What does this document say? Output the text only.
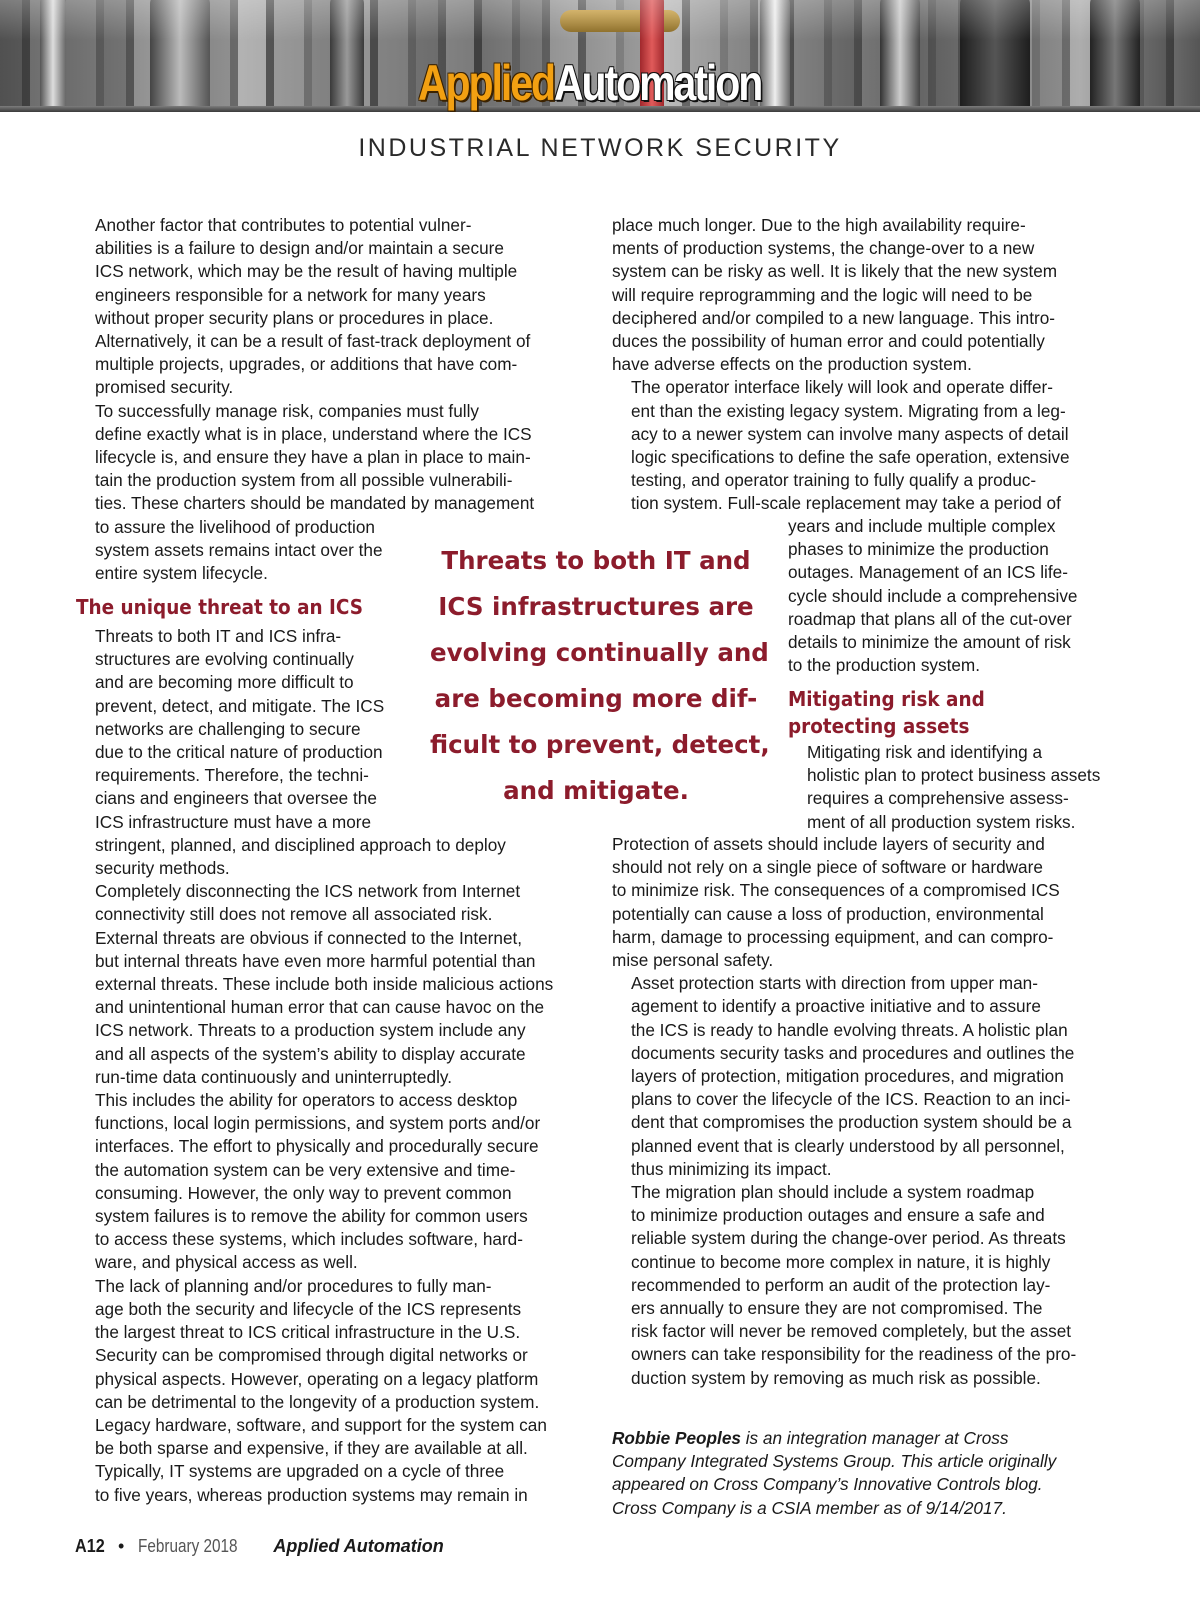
AppliedAutomation
INDUSTRIAL NETWORK SECURITY

Another factor that contributes to potential vulner-
abilities is a failure to design and/or maintain a secure
ICS network, which may be the result of having multiple
engineers responsible for a network for many years
without proper security plans or procedures in place.
Alternatively, it can be a result of fast-track deployment of
multiple projects, upgrades, or additions that have com-
promised security.

To successfully manage risk, companies must fully
define exactly what is in place, understand where the ICS
lifecycle is, and ensure they have a plan in place to main-
tain the production system from all possible vulnerabili-
ties. These charters should be mandated by management
to assure the livelihood of production
system assets remains intact over the
entire system lifecycle.

The unique threat to an ICS

Threats to both IT and ICS infra-
structures are evolving continually
and are becoming more difficult to
prevent, detect, and mitigate. The ICS
networks are challenging to secure
due to the critical nature of production
requirements. Therefore, the techni-
cians and engineers that oversee the
ICS infrastructure must have a more
stringent, planned, and disciplined approach to deploy
security methods.

Completely disconnecting the ICS network from Internet
connectivity still does not remove all associated risk.
External threats are obvious if connected to the Internet,
but internal threats have even more harmful potential than
external threats. These include both inside malicious actions
and unintentional human error that can cause havoc on the
ICS network. Threats to a production system include any
and all aspects of the system’s ability to display accurate
run-time data continuously and uninterruptedly.

This includes the ability for operators to access desktop
functions, local login permissions, and system ports and/or
interfaces. The effort to physically and procedurally secure
the automation system can be very extensive and time-
consuming. However, the only way to prevent common
system failures is to remove the ability for common users
to access these systems, which includes software, hard-
ware, and physical access as well.

The lack of planning and/or procedures to fully man-
age both the security and lifecycle of the ICS represents
the largest threat to ICS critical infrastructure in the U.S.
Security can be compromised through digital networks or
physical aspects. However, operating on a legacy platform
can be detrimental to the longevity of a production system.
Legacy hardware, software, and support for the system can
be both sparse and expensive, if they are available at all.

Typically, IT systems are upgraded on a cycle of three
to five years, whereas production systems may remain in

Threats to both IT and
ICS infrastructures are
evolving continually and
are becoming more dif-
ficult to prevent, detect,
and mitigate.

place much longer. Due to the high availability require-
ments of production systems, the change-over to a new
system can be risky as well. It is likely that the new system
will require reprogramming and the logic will need to be
deciphered and/or compiled to a new language. This intro-
duces the possibility of human error and could potentially
have adverse effects on the production system.

The operator interface likely will look and operate differ-
ent than the existing legacy system. Migrating from a leg-
acy to a newer system can involve many aspects of detail
logic specifications to define the safe operation, extensive
testing, and operator training to fully qualify a produc-
tion system. Full-scale replacement may take a period of

years and include multiple complex
phases to minimize the production
outages. Management of an ICS life-
cycle should include a comprehensive
roadmap that plans all of the cut-over
details to minimize the amount of risk
to the production system.

Mitigating risk and
protecting assets

Mitigating risk and identifying a
holistic plan to protect business assets
requires a comprehensive assess-
ment of all production system risks.

Protection of assets should include layers of security and
should not rely on a single piece of software or hardware
to minimize risk. The consequences of a compromised ICS
potentially can cause a loss of production, environmental
harm, damage to processing equipment, and can compro-
mise personal safety.

Asset protection starts with direction from upper man-
agement to identify a proactive initiative and to assure
the ICS is ready to handle evolving threats. A holistic plan
documents security tasks and procedures and outlines the
layers of protection, mitigation procedures, and migration
plans to cover the lifecycle of the ICS. Reaction to an inci-
dent that compromises the production system should be a
planned event that is clearly understood by all personnel,
thus minimizing its impact.

The migration plan should include a system roadmap
to minimize production outages and ensure a safe and
reliable system during the change-over period. As threats
continue to become more complex in nature, it is highly
recommended to perform an audit of the protection lay-
ers annually to ensure they are not compromised. The
risk factor will never be removed completely, but the asset
owners can take responsibility for the readiness of the pro-
duction system by removing as much risk as possible.

Robbie Peoples is an integration manager at Cross
Company Integrated Systems Group. This article originally
appeared on Cross Company’s Innovative Controls blog.
Cross Company is a CSIA member as of 9/14/2017.
A12 • February 2018 Applied Automation
